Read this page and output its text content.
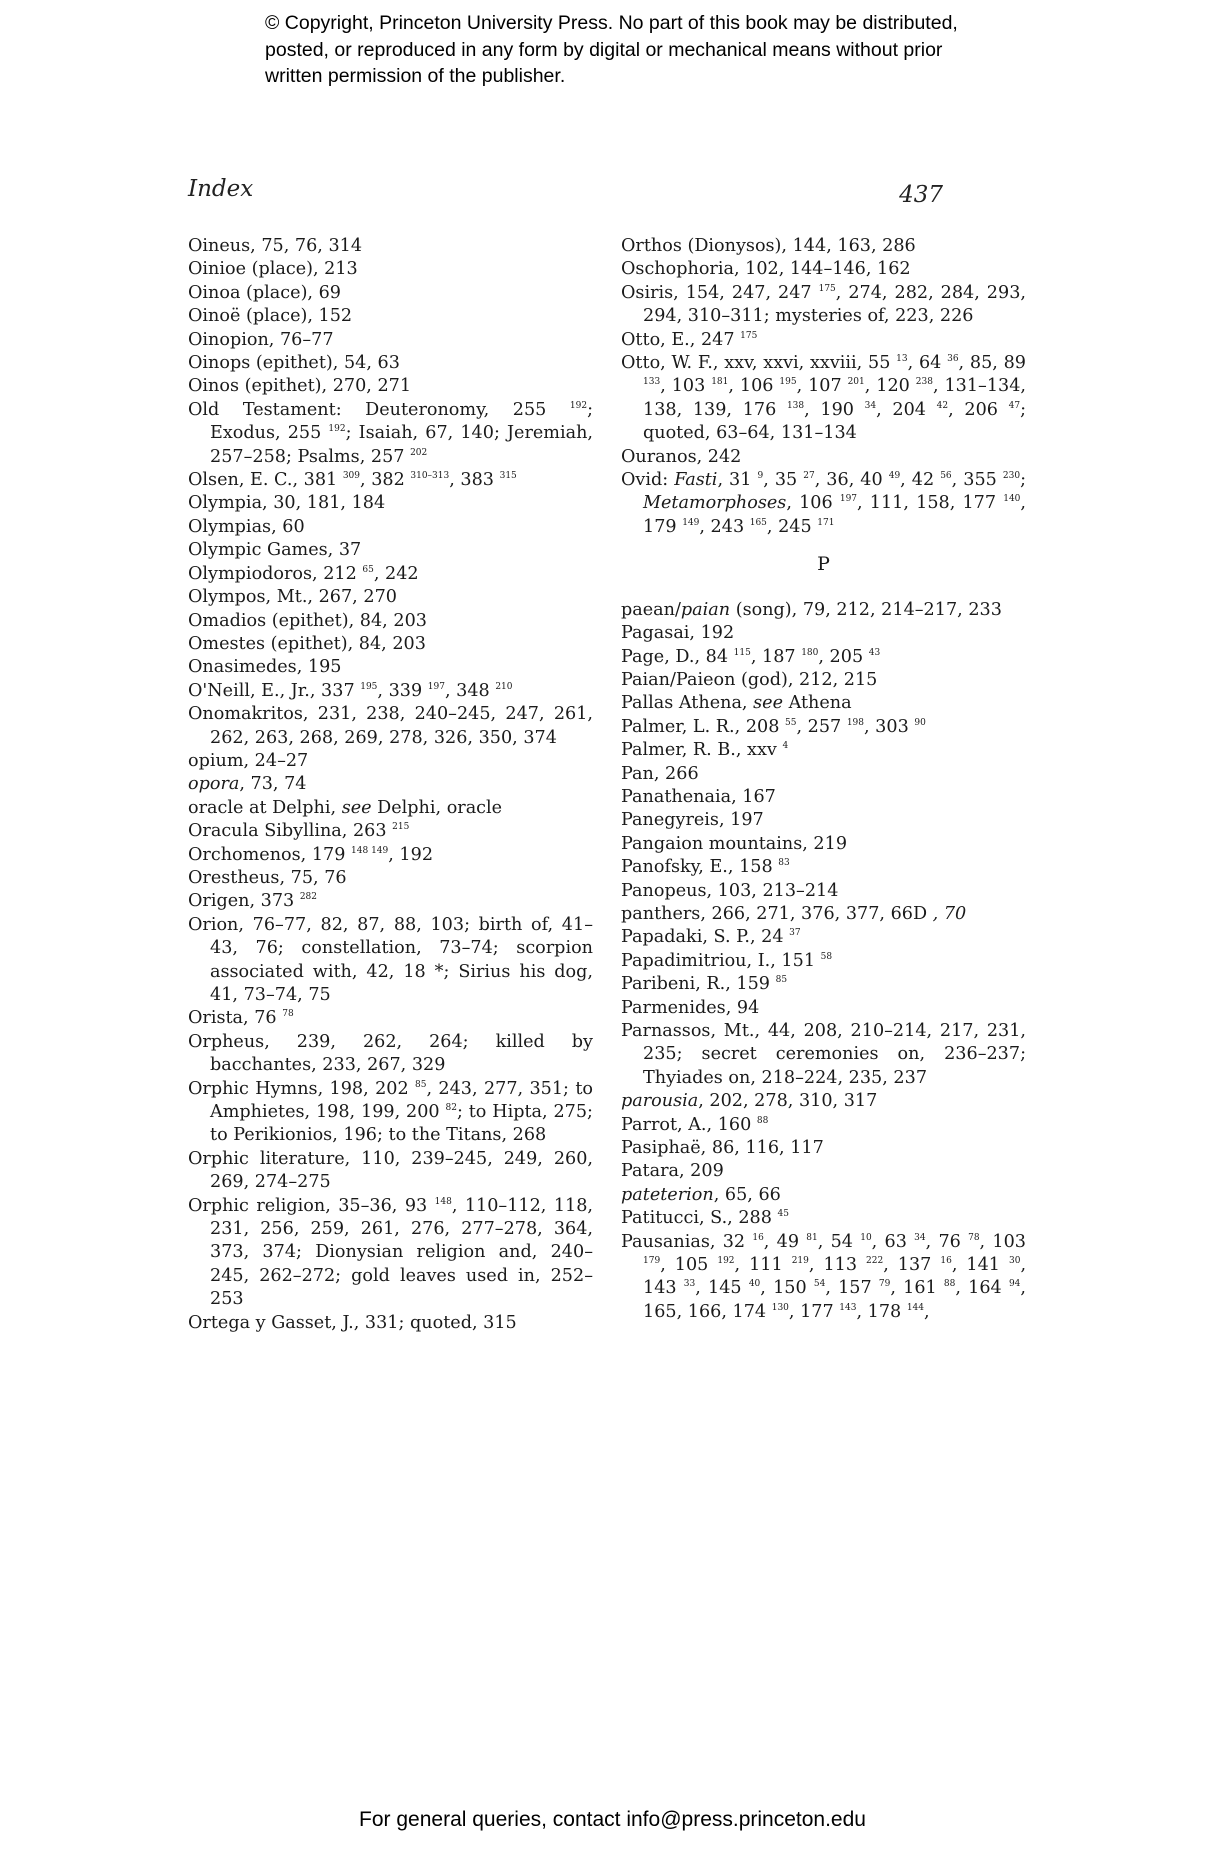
© Copyright, Princeton University Press. No part of this book may be distributed, posted, or reproduced in any form by digital or mechanical means without prior written permission of the publisher.
Index	437
Oineus, 75, 76, 314
Oinioe (place), 213
Oinoa (place), 69
Oinoë (place), 152
Oinopion, 76–77
Oinops (epithet), 54, 63
Oinos (epithet), 270, 271
Old Testament: Deuteronomy, 255 $^{192}$; Exodus, 255 $^{192}$; Isaiah, 67, 140; Jeremiah, 257–258; Psalms, 257 $^{202}$
Olsen, E. C., 381 $^{309}$, 382 $^{310-313}$, 383 $^{315}$
Olympia, 30, 181, 184
Olympias, 60
Olympic Games, 37
Olympiodoros, 212 $^{65}$, 242
Olympos, Mt., 267, 270
Omadios (epithet), 84, 203
Omestes (epithet), 84, 203
Onasimedes, 195
O'Neill, E., Jr., 337 $^{195}$, 339 $^{197}$, 348 $^{210}$
Onomakritos, 231, 238, 240–245, 247, 261, 262, 263, 268, 269, 278, 326, 350, 374
opium, 24–27
opora, 73, 74
oracle at Delphi, see Delphi, oracle
Oracula Sibyllina, 263 $^{215}$
Orchomenos, 179 $^{148 149}$, 192
Orestheus, 75, 76
Origen, 373 $^{282}$
Orion, 76–77, 82, 87, 88, 103; birth of, 41–43, 76; constellation, 73–74; scorpion associated with, 42, 18 *; Sirius his dog, 41, 73–74, 75
Orista, 76 $^{78}$
Orpheus, 239, 262, 264; killed by bacchantes, 233, 267, 329
Orphic Hymns, 198, 202 $^{85}$, 243, 277, 351; to Amphietes, 198, 199, 200 $^{82}$; to Hipta, 275; to Perikionios, 196; to the Titans, 268
Orphic literature, 110, 239–245, 249, 260, 269, 274–275
Orphic religion, 35–36, 93 $^{148}$, 110–112, 118, 231, 256, 259, 261, 276, 277–278, 364, 373, 374; Dionysian religion and, 240–245, 262–272; gold leaves used in, 252–253
Ortega y Gasset, J., 331; quoted, 315
Orthos (Dionysos), 144, 163, 286
Oschophoria, 102, 144–146, 162
Osiris, 154, 247, 247 $^{175}$, 274, 282, 284, 293, 294, 310–311; mysteries of, 223, 226
Otto, E., 247 $^{175}$
Otto, W. F., xxv, xxvi, xxviii, 55 $^{13}$, 64 $^{36}$, 85, 89 $^{133}$, 103 $^{181}$, 106 $^{195}$, 107 $^{201}$, 120 $^{238}$, 131–134, 138, 139, 176 $^{138}$, 190 $^{34}$, 204 $^{42}$, 206 $^{47}$; quoted, 63–64, 131–134
Ouranos, 242
Ovid: Fasti, 31 $^9$, 35 $^{27}$, 36, 40 $^{49}$, 42 $^{56}$, 355 $^{230}$; Metamorphoses, 106 $^{197}$, 111, 158, 177 $^{140}$, 179 $^{149}$, 243 $^{165}$, 245 $^{171}$
P
paean/paian (song), 79, 212, 214–217, 233
Pagasai, 192
Page, D., 84 $^{115}$, 187 $^{180}$, 205 $^{43}$
Paian/Paieon (god), 212, 215
Pallas Athena, see Athena
Palmer, L. R., 208 $^{55}$, 257 $^{198}$, 303 $^{90}$
Palmer, R. B., xxv $^4$
Pan, 266
Panathenaia, 167
Panegyreis, 197
Pangaion mountains, 219
Panofsky, E., 158 $^{83}$
Panopeus, 103, 213–214
panthers, 266, 271, 376, 377, 66D , 70
Papadaki, S. P., 24 $^{37}$
Papadimitriou, I., 151 $^{58}$
Paribeni, R., 159 $^{85}$
Parmenides, 94
Parnassos, Mt., 44, 208, 210–214, 217, 231, 235; secret ceremonies on, 236–237; Thyiades on, 218–224, 235, 237
parousia, 202, 278, 310, 317
Parrot, A., 160 $^{88}$
Pasiphaë, 86, 116, 117
Patara, 209
pateterion, 65, 66
Patitucci, S., 288 $^{45}$
Pausanias, 32 $^{16}$, 49 $^{81}$, 54 $^{10}$, 63 $^{34}$, 76 $^{78}$, 103 $^{179}$, 105 $^{192}$, 111 $^{219}$, 113 $^{222}$, 137 $^{16}$, 141 $^{30}$, 143 $^{33}$, 145 $^{40}$, 150 $^{54}$, 157 $^{79}$, 161 $^{88}$, 164 $^{94}$, 165, 166, 174 $^{130}$, 177 $^{143}$, 178 $^{144}$,
For general queries, contact info@press.princeton.edu
